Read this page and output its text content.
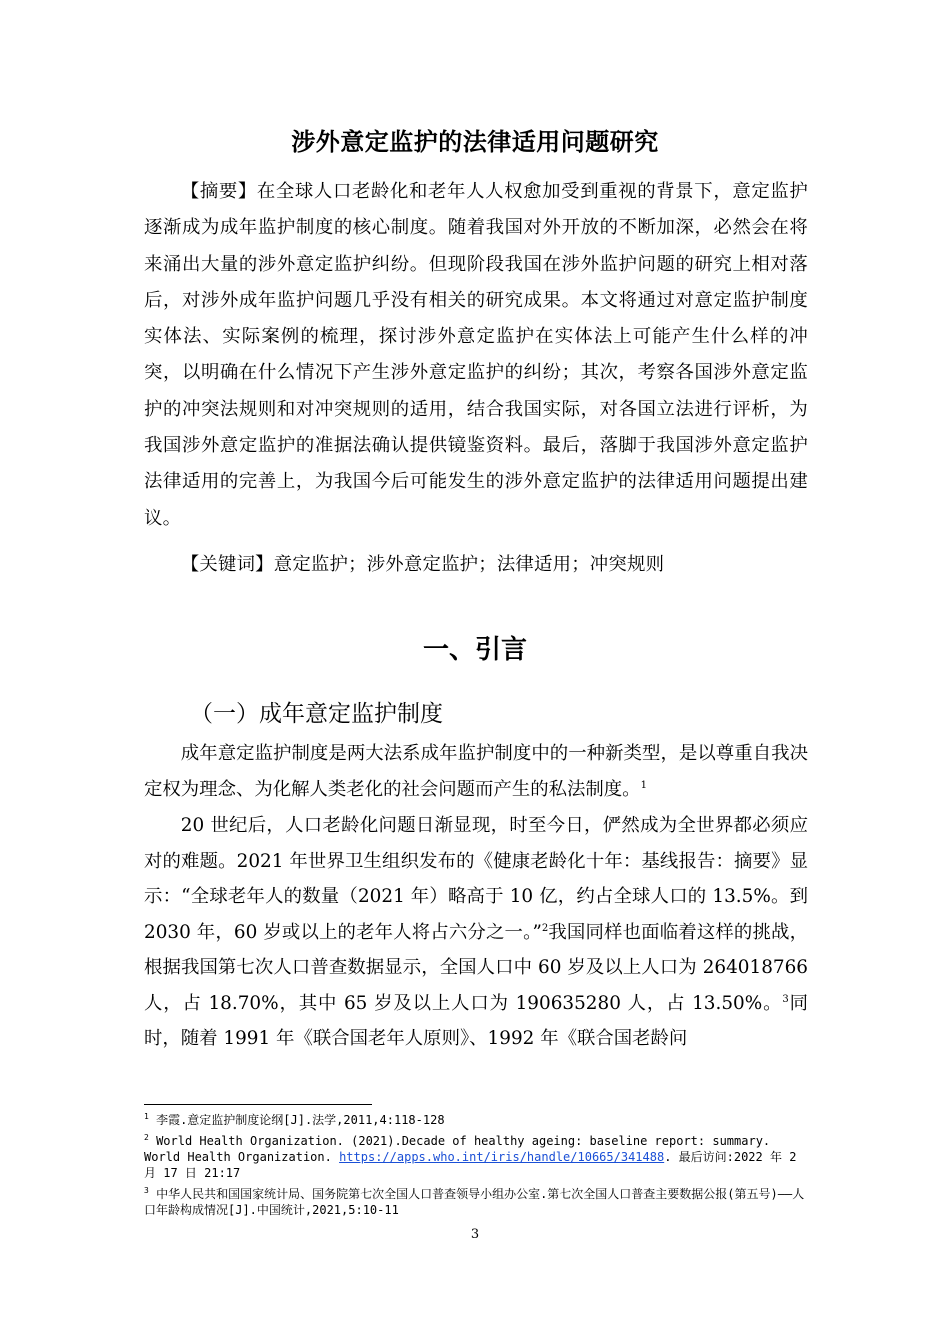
涉外意定监护的法律适用问题研究

【摘要】在全球人口老龄化和老年人人权愈加受到重视的背景下，意定监护逐渐成为成年监护制度的核心制度。随着我国对外开放的不断加深，必然会在将来涌出大量的涉外意定监护纠纷。但现阶段我国在涉外监护问题的研究上相对落后，对涉外成年监护问题几乎没有相关的研究成果。本文将通过对意定监护制度实体法、实际案例的梳理，探讨涉外意定监护在实体法上可能产生什么样的冲突，以明确在什么情况下产生涉外意定监护的纠纷；其次，考察各国涉外意定监护的冲突法规则和对冲突规则的适用，结合我国实际，对各国立法进行评析，为我国涉外意定监护的准据法确认提供镜鉴资料。最后，落脚于我国涉外意定监护法律适用的完善上，为我国今后可能发生的涉外意定监护的法律适用问题提出建议。

【关键词】意定监护；涉外意定监护；法律适用；冲突规则

一、引言
（一）成年意定监护制度

成年意定监护制度是两大法系成年监护制度中的一种新类型，是以尊重自我决定权为理念、为化解人类老化的社会问题而产生的私法制度。$^1$

20 世纪后，人口老龄化问题日渐显现，时至今日，俨然成为全世界都必须应对的难题。2021 年世界卫生组织发布的《健康老龄化十年：基线报告：摘要》显示：“全球老年人的数量（2021 年）略高于 10 亿，约占全球人口的 13.5%。到 2030 年，60 岁或以上的老年人将占六分之一。”$^2$我国同样也面临着这样的挑战，根据我国第七次人口普查数据显示，全国人口中 60 岁及以上人口为 264018766 人，占 18.70%，其中 65 岁及以上人口为 190635280 人，占 13.50%。$^3$同时，随着 1991 年《联合国老年人原则》、1992 年《联合国老龄问

$^1$ 李霞.意定监护制度论纲[J].法学,2011,4:118-128

$^2$ World Health Organization. (2021).Decade of healthy ageing: baseline report: summary. World Health Organization. https://apps.who.int/iris/handle/10665/341488. 最后访问:2022 年 2 月 17 日 21:17

$^3$ 中华人民共和国国家统计局、国务院第七次全国人口普查领导小组办公室.第七次全国人口普查主要数据公报(第五号)——人口年龄构成情况[J].中国统计,2021,5:10-11

3
